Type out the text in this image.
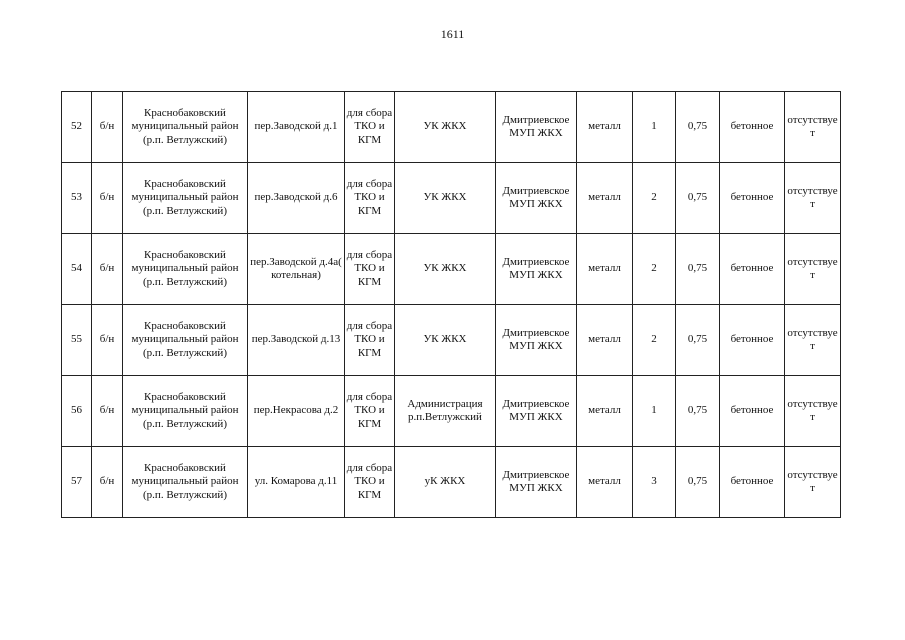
1611
52	б/н	Краснобаковский муниципальный район (р.п. Ветлужский)	пер.Заводской д.1	для сбора ТКО и КГМ	УК ЖКХ	Дмитриевское МУП ЖКХ	металл	1	0,75	бетонное	отсутствует
53	б/н	Краснобаковский муниципальный район (р.п. Ветлужский)	пер.Заводской д.6	для сбора ТКО и КГМ	УК ЖКХ	Дмитриевское МУП ЖКХ	металл	2	0,75	бетонное	отсутствует
54	б/н	Краснобаковский муниципальный район (р.п. Ветлужский)	пер.Заводской д.4а( котельная)	для сбора ТКО и КГМ	УК ЖКХ	Дмитриевское МУП ЖКХ	металл	2	0,75	бетонное	отсутствует
55	б/н	Краснобаковский муниципальный район (р.п. Ветлужский)	пер.Заводской д.13	для сбора ТКО и КГМ	УК ЖКХ	Дмитриевское МУП ЖКХ	металл	2	0,75	бетонное	отсутствует
56	б/н	Краснобаковский муниципальный район (р.п. Ветлужский)	пер.Некрасова д.2	для сбора ТКО и КГМ	Администрация р.п.Ветлужский	Дмитриевское МУП ЖКХ	металл	1	0,75	бетонное	отсутствует
57	б/н	Краснобаковский муниципальный район (р.п. Ветлужский)	ул. Комарова д.11	для сбора ТКО и КГМ	уК ЖКХ	Дмитриевское МУП ЖКХ	металл	3	0,75	бетонное	отсутствует
